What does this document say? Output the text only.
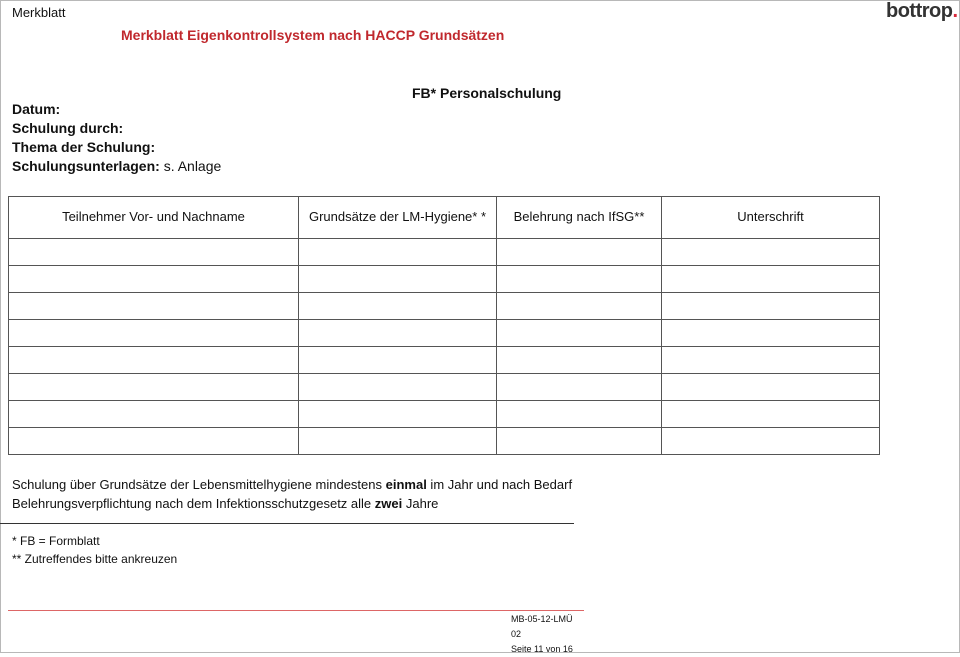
Merkblatt
Merkblatt Eigenkontrollsystem nach HACCP Grundsätzen
bottrop.
FB* Personalschulung
Datum:
Schulung durch:
Thema der Schulung:
Schulungsunterlagen: s. Anlage
Teilnehmer Vor- und Nachname	Grundsätze der LM-Hygiene* *	Belehrung nach IfSG**	Unterschrift

Schulung über Grundsätze der Lebensmittelhygiene mindestens einmal im Jahr und nach Bedarf
Belehrungsverpflichtung nach dem Infektionsschutzgesetz alle zwei Jahre
* FB = Formblatt
** Zutreffendes bitte ankreuzen
MB-05-12-LMÜ
02
Seite 11 von 16
